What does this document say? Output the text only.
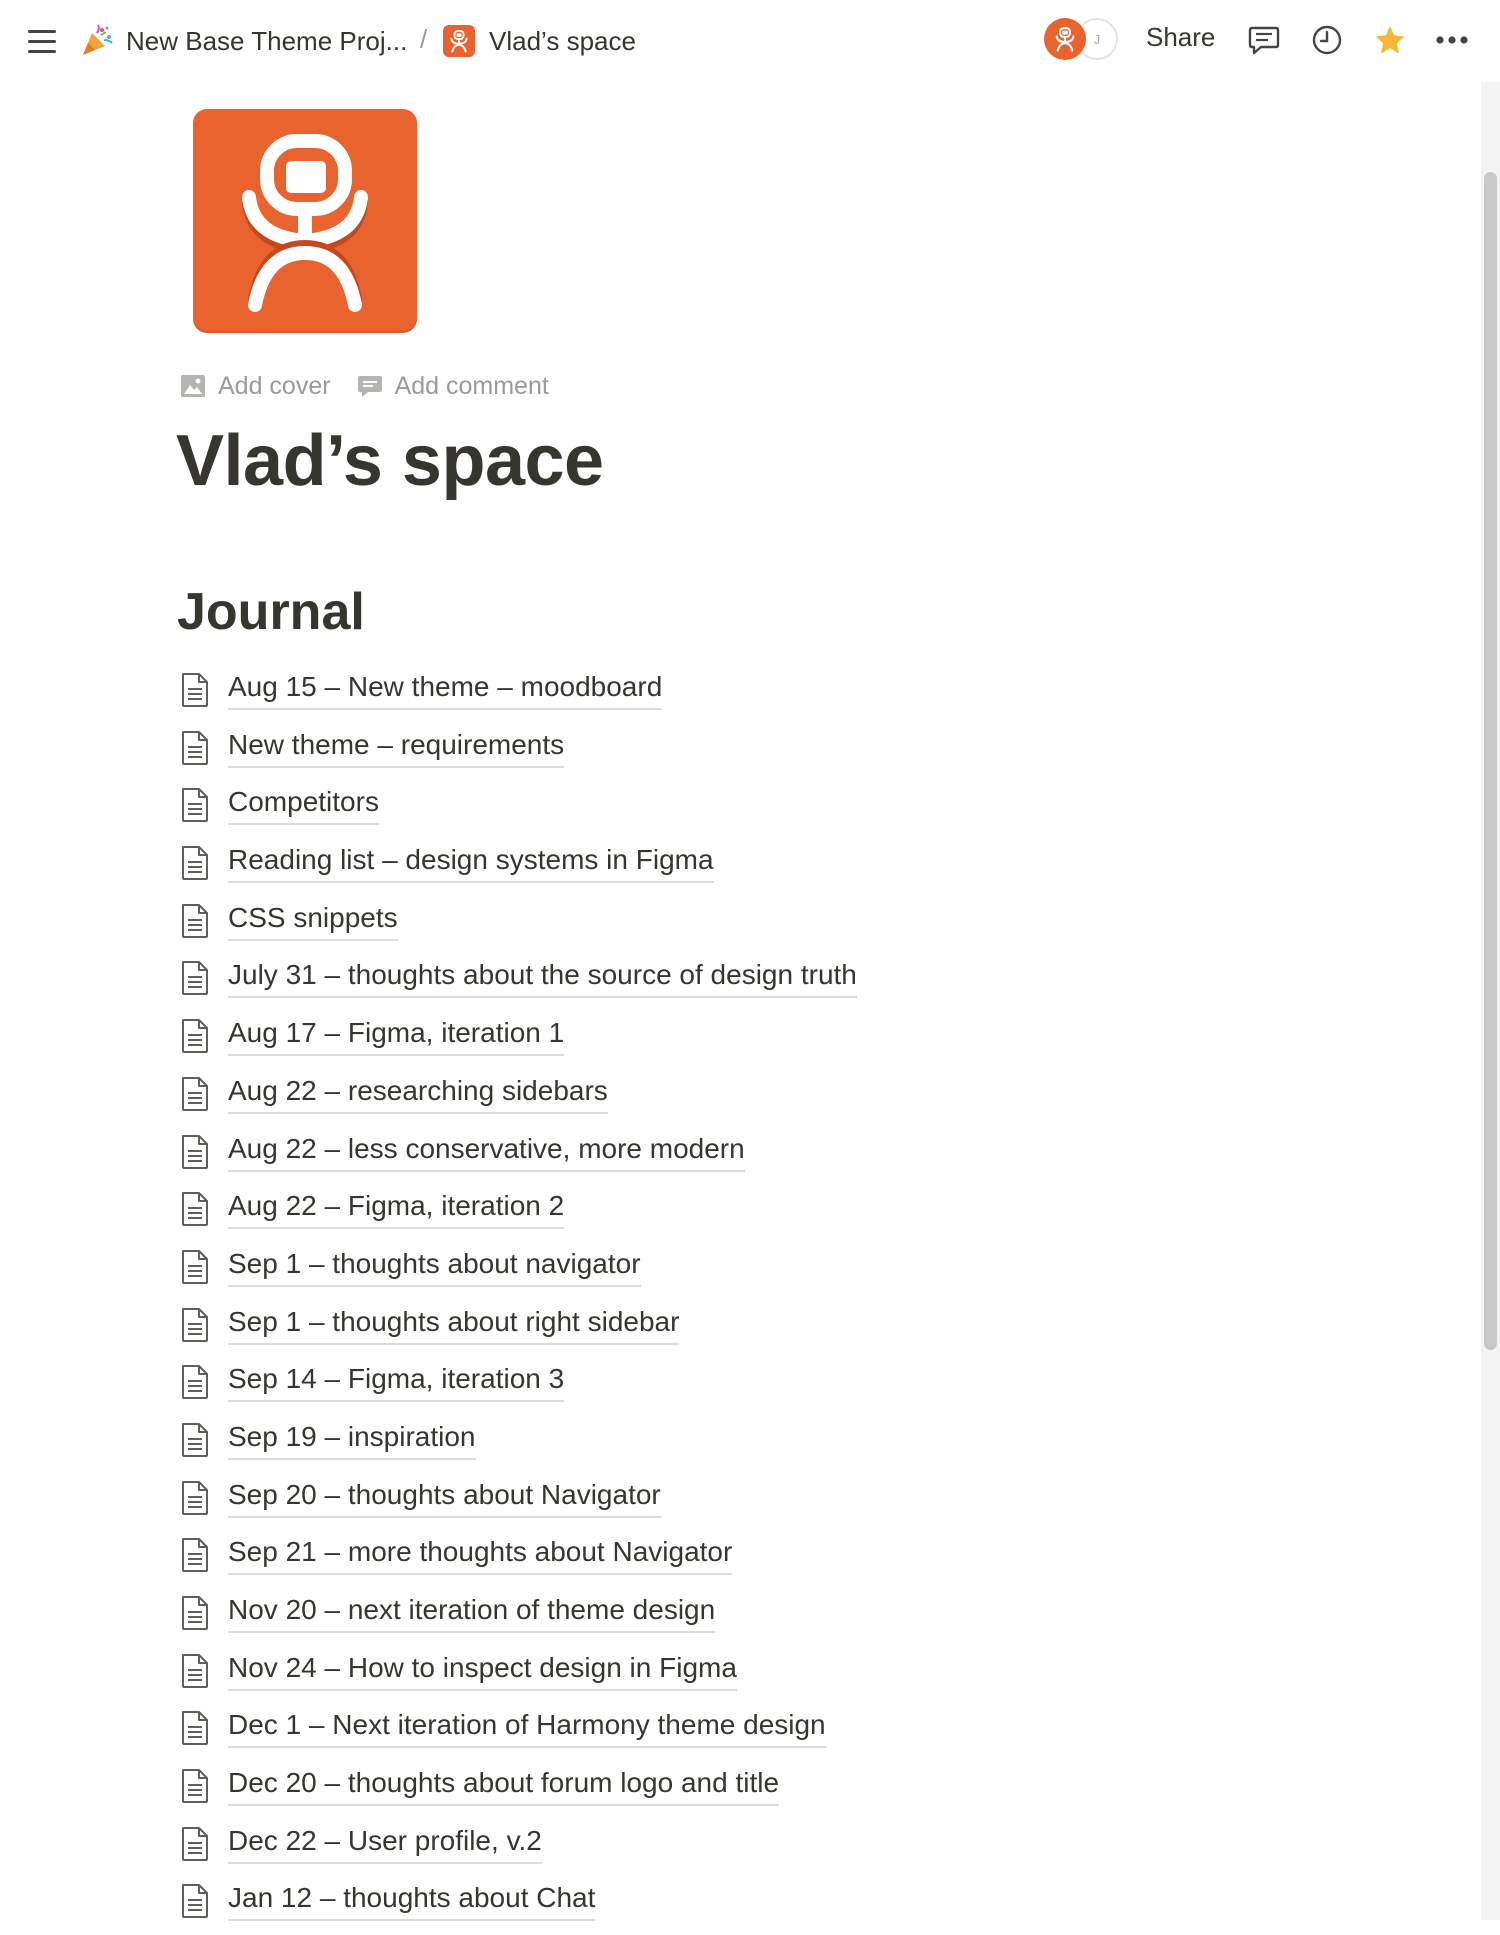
New Base Theme Proj... / Vlad’s space	J Share
Add cover	Add comment
Vlad’s space
Journal
Aug 15 – New theme – moodboard
New theme – requirements
Competitors
Reading list – design systems in Figma
CSS snippets
July 31 – thoughts about the source of design truth
Aug 17 – Figma, iteration 1
Aug 22 – researching sidebars
Aug 22 – less conservative, more modern
Aug 22 – Figma, iteration 2
Sep 1 – thoughts about navigator
Sep 1 – thoughts about right sidebar
Sep 14 – Figma, iteration 3
Sep 19 – inspiration
Sep 20 – thoughts about Navigator
Sep 21 – more thoughts about Navigator
Nov 20 – next iteration of theme design
Nov 24 – How to inspect design in Figma
Dec 1 – Next iteration of Harmony theme design
Dec 20 – thoughts about forum logo and title
Dec 22 – User profile, v.2
Jan 12 – thoughts about Chat
